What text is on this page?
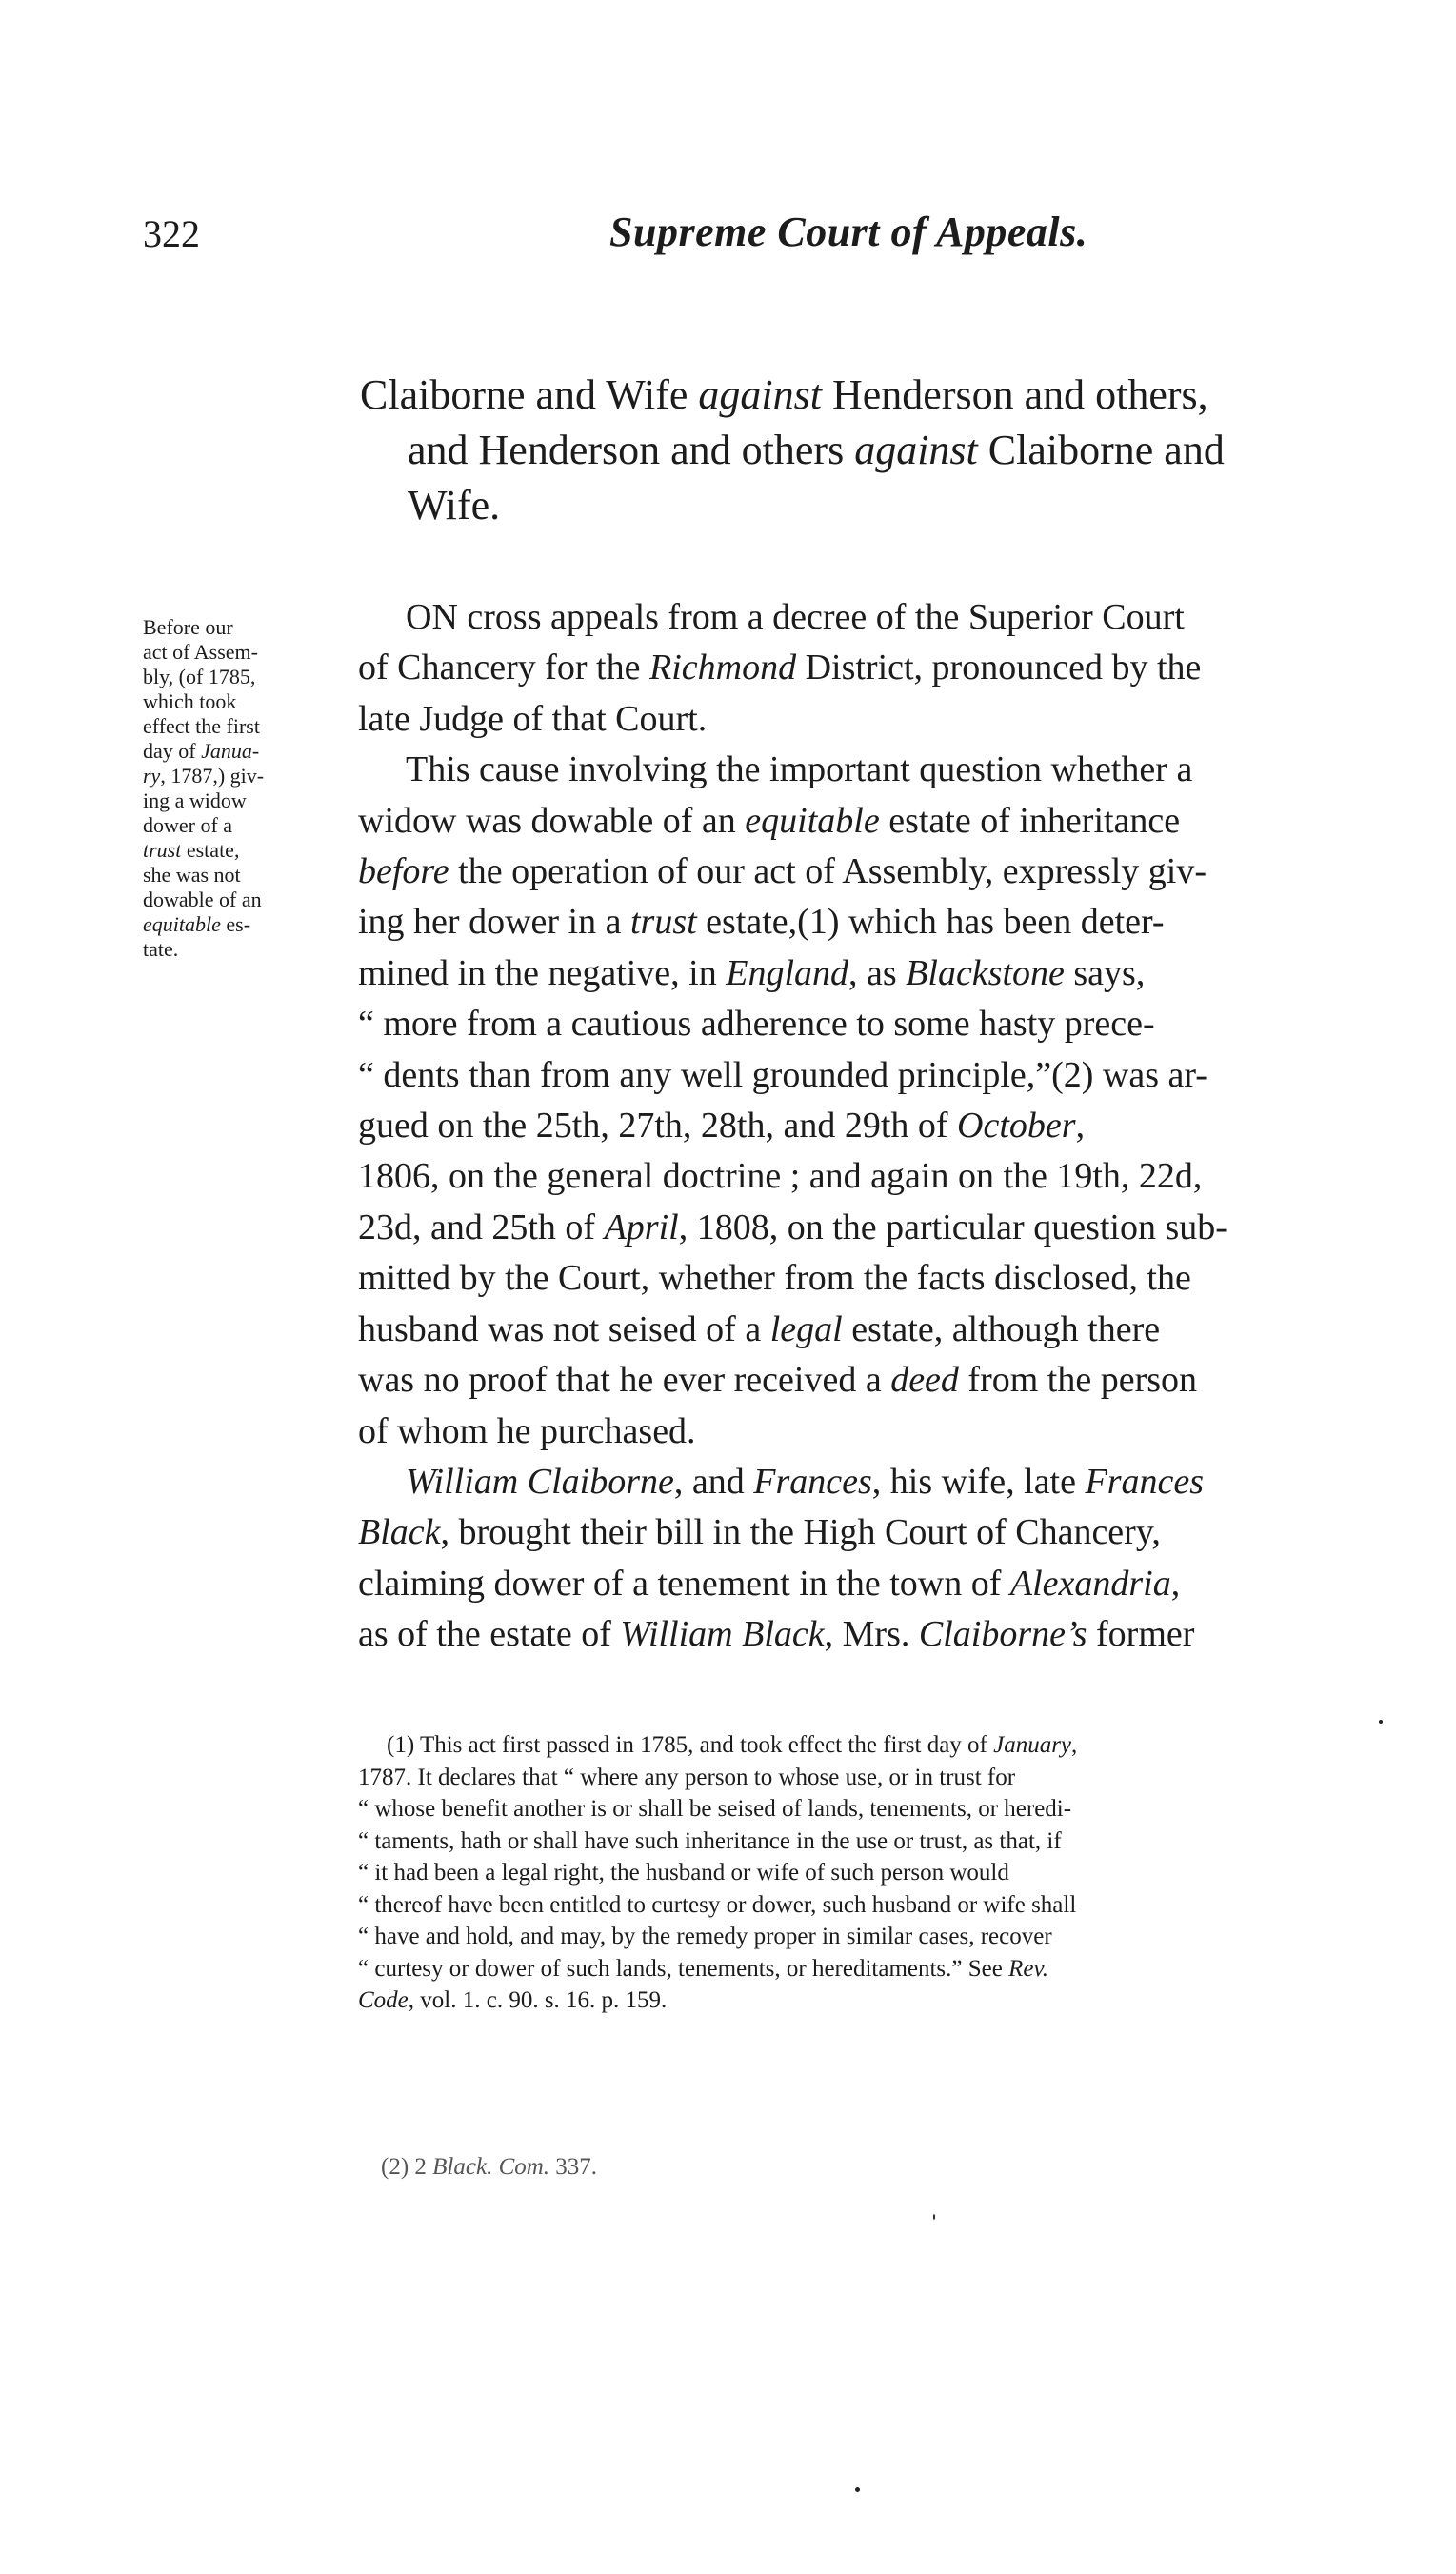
322	Supreme Court of Appeals.
Claiborne and Wife against Henderson and others,
and Henderson and others against Claiborne and
Wife.
Before our
act of Assem-
bly, (of 1785,
which took
effect the first
day of Janua-
ry, 1787,) giv-
ing a widow
dower of a
trust estate,
she was not
dowable of an
equitable es-
tate.
ON cross appeals from a decree of the Superior Court
of Chancery for the Richmond District, pronounced by the
late Judge of that Court.
This cause involving the important question whether a
widow was dowable of an equitable estate of inheritance
before the operation of our act of Assembly, expressly giv-
ing her dower in a trust estate,(1) which has been deter-
mined in the negative, in England, as Blackstone says,
“ more from a cautious adherence to some hasty prece-
“ dents than from any well grounded principle,”(2) was ar-
gued on the 25th, 27th, 28th, and 29th of October,
1806, on the general doctrine ; and again on the 19th, 22d,
23d, and 25th of April, 1808, on the particular question sub-
mitted by the Court, whether from the facts disclosed, the
husband was not seised of a legal estate, although there
was no proof that he ever received a deed from the person
of whom he purchased.
William Claiborne, and Frances, his wife, late Frances
Black, brought their bill in the High Court of Chancery,
claiming dower of a tenement in the town of Alexandria,
as of the estate of William Black, Mrs. Claiborne’s former
(1) This act first passed in 1785, and took effect the first day of January,
1787. It declares that “ where any person to whose use, or in trust for
“ whose benefit another is or shall be seised of lands, tenements, or heredi-
“ taments, hath or shall have such inheritance in the use or trust, as that, if
“ it had been a legal right, the husband or wife of such person would
“ thereof have been entitled to curtesy or dower, such husband or wife shall
“ have and hold, and may, by the remedy proper in similar cases, recover
“ curtesy or dower of such lands, tenements, or hereditaments.” See Rev.
Code, vol. 1. c. 90. s. 16. p. 159.
(2) 2 Black. Com. 337.
